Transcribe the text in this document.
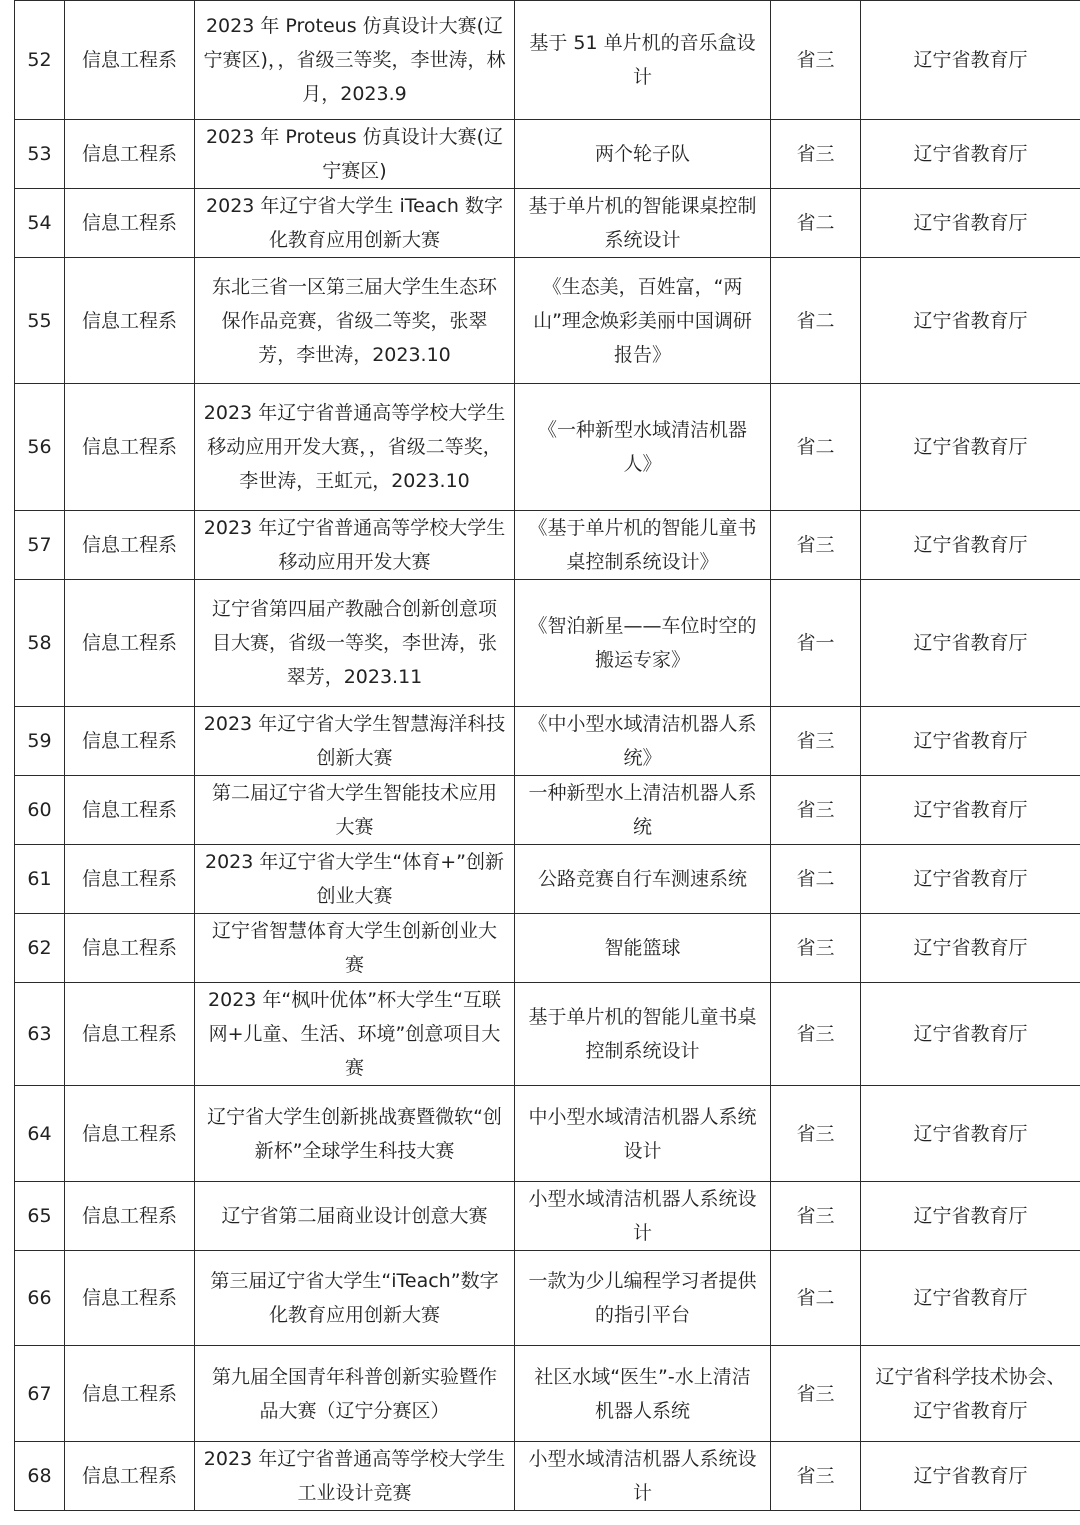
52	信息工程系	2023 年 Proteus 仿真设计大赛(辽宁赛区)，，省级三等奖，李世涛，林月，2023.9	基于 51 单片机的音乐盒设计	省三	辽宁省教育厅
53	信息工程系	2023 年 Proteus 仿真设计大赛(辽宁赛区)	两个轮子队	省三	辽宁省教育厅
54	信息工程系	2023 年辽宁省大学生 iTeach 数字化教育应用创新大赛	基于单片机的智能课桌控制系统设计	省二	辽宁省教育厅
55	信息工程系	东北三省一区第三届大学生生态环保作品竞赛，省级二等奖，张翠芳，李世涛，2023.10	《生态美，百姓富，“两山”理念焕彩美丽中国调研报告》	省二	辽宁省教育厅
56	信息工程系	2023 年辽宁省普通高等学校大学生移动应用开发大赛，，省级二等奖，李世涛，王虹元，2023.10	《一种新型水域清洁机器人》	省二	辽宁省教育厅
57	信息工程系	2023 年辽宁省普通高等学校大学生移动应用开发大赛	《基于单片机的智能儿童书桌控制系统设计》	省三	辽宁省教育厅
58	信息工程系	辽宁省第四届产教融合创新创意项目大赛，省级一等奖，李世涛，张翠芳，2023.11	《智泊新星——车位时空的搬运专家》	省一	辽宁省教育厅
59	信息工程系	2023 年辽宁省大学生智慧海洋科技创新大赛	《中小型水域清洁机器人系统》	省三	辽宁省教育厅
60	信息工程系	第二届辽宁省大学生智能技术应用大赛	一种新型水上清洁机器人系统	省三	辽宁省教育厅
61	信息工程系	2023 年辽宁省大学生“体育+”创新创业大赛	公路竞赛自行车测速系统	省二	辽宁省教育厅
62	信息工程系	辽宁省智慧体育大学生创新创业大赛	智能篮球	省三	辽宁省教育厅
63	信息工程系	2023 年“枫叶优体”杯大学生“互联网+儿童、生活、环境”创意项目大赛	基于单片机的智能儿童书桌控制系统设计	省三	辽宁省教育厅
64	信息工程系	辽宁省大学生创新挑战赛暨微软“创新杯”全球学生科技大赛	中小型水域清洁机器人系统设计	省三	辽宁省教育厅
65	信息工程系	辽宁省第二届商业设计创意大赛	小型水域清洁机器人系统设计	省三	辽宁省教育厅
66	信息工程系	第三届辽宁省大学生“iTeach”数字化教育应用创新大赛	一款为少儿编程学习者提供的指引平台	省二	辽宁省教育厅
67	信息工程系	第九届全国青年科普创新实验暨作品大赛（辽宁分赛区）	社区水域“医生”-水上清洁机器人系统	省三	辽宁省科学技术协会、辽宁省教育厅
68	信息工程系	2023 年辽宁省普通高等学校大学生工业设计竞赛	小型水域清洁机器人系统设计	省三	辽宁省教育厅
